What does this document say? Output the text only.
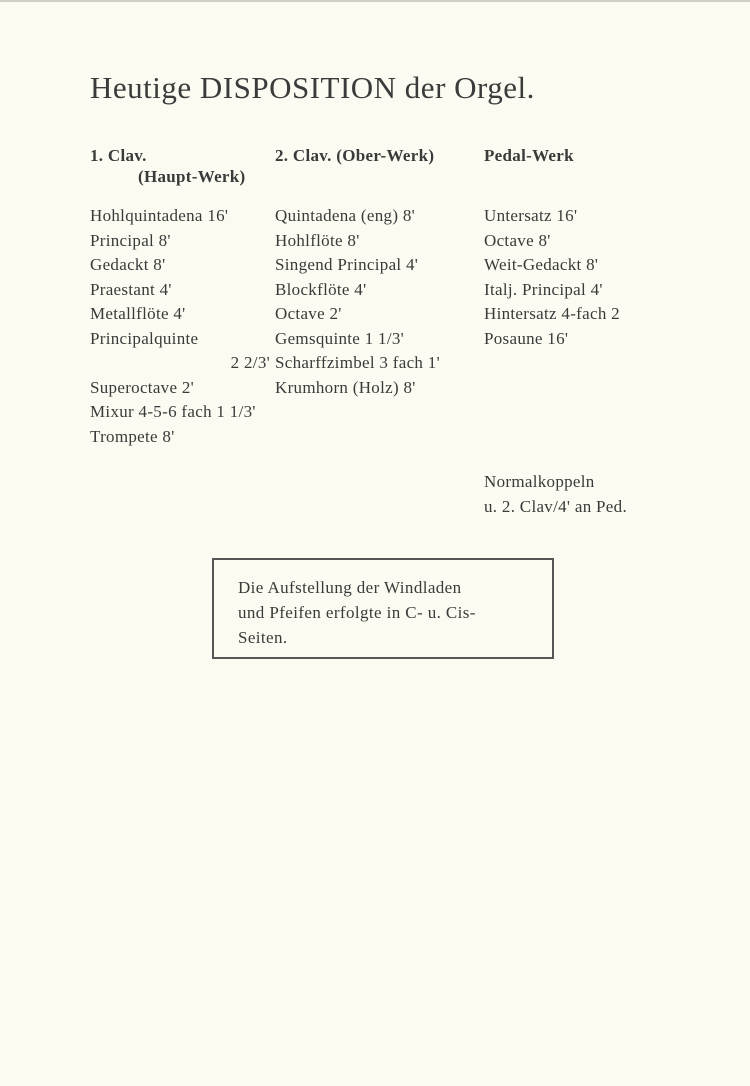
Heutige DISPOSITION der Orgel.
1. Clav.
(Haupt-Werk)
Hohlquintadena 16'
Principal 8'
Gedackt 8'
Praestant 4'
Metallflöte 4'
Principalquinte
2 2/3'
Superoctave 2'
Mixur 4-5-6 fach 1 1/3'
Trompete 8'
2. Clav. (Ober-Werk)
Quintadena (eng) 8'
Hohlflöte 8'
Singend Principal 4'
Blockflöte 4'
Octave 2'
Gemsquinte 1 1/3'
Scharffzimbel 3 fach 1'
Krumhorn (Holz) 8'
Pedal-Werk
Untersatz 16'
Octave 8'
Weit-Gedackt 8'
Italj. Principal 4'
Hintersatz 4-fach 2
Posaune 16'
Normalkoppeln
u. 2. Clav/4' an Ped.
Die Aufstellung der Windladen
und Pfeifen erfolgte in C- u. Cis-
Seiten.
